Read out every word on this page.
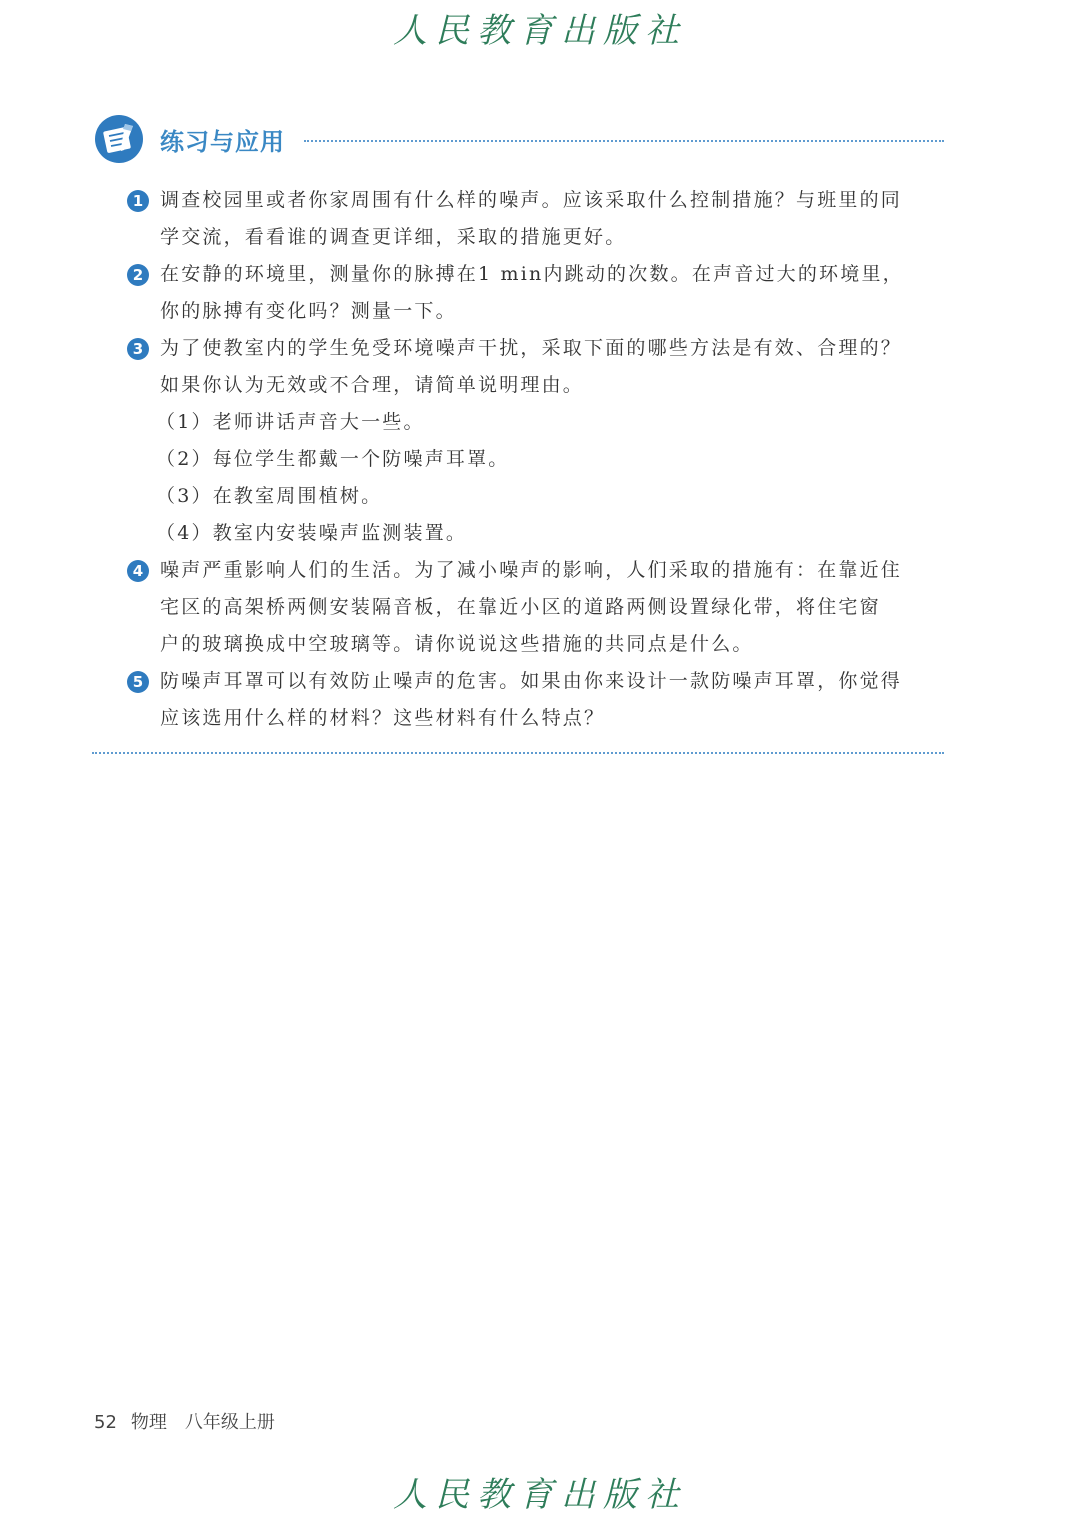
人民教育出版社
练习与应用
1 调查校园里或者你家周围有什么样的噪声。应该采取什么控制措施？与班里的同
学交流，看看谁的调查更详细，采取的措施更好。
2 在安静的环境里，测量你的脉搏在1 min内跳动的次数。在声音过大的环境里，
你的脉搏有变化吗？测量一下。
3 为了使教室内的学生免受环境噪声干扰，采取下面的哪些方法是有效、合理的？
如果你认为无效或不合理，请简单说明理由。
（1）老师讲话声音大一些。
（2）每位学生都戴一个防噪声耳罩。
（3）在教室周围植树。
（4）教室内安装噪声监测装置。
4 噪声严重影响人们的生活。为了减小噪声的影响，人们采取的措施有：在靠近住
宅区的高架桥两侧安装隔音板，在靠近小区的道路两侧设置绿化带，将住宅窗
户的玻璃换成中空玻璃等。请你说说这些措施的共同点是什么。
5 防噪声耳罩可以有效防止噪声的危害。如果由你来设计一款防噪声耳罩，你觉得
应该选用什么样的材料？这些材料有什么特点？
52 物理 八年级上册
人民教育出版社
